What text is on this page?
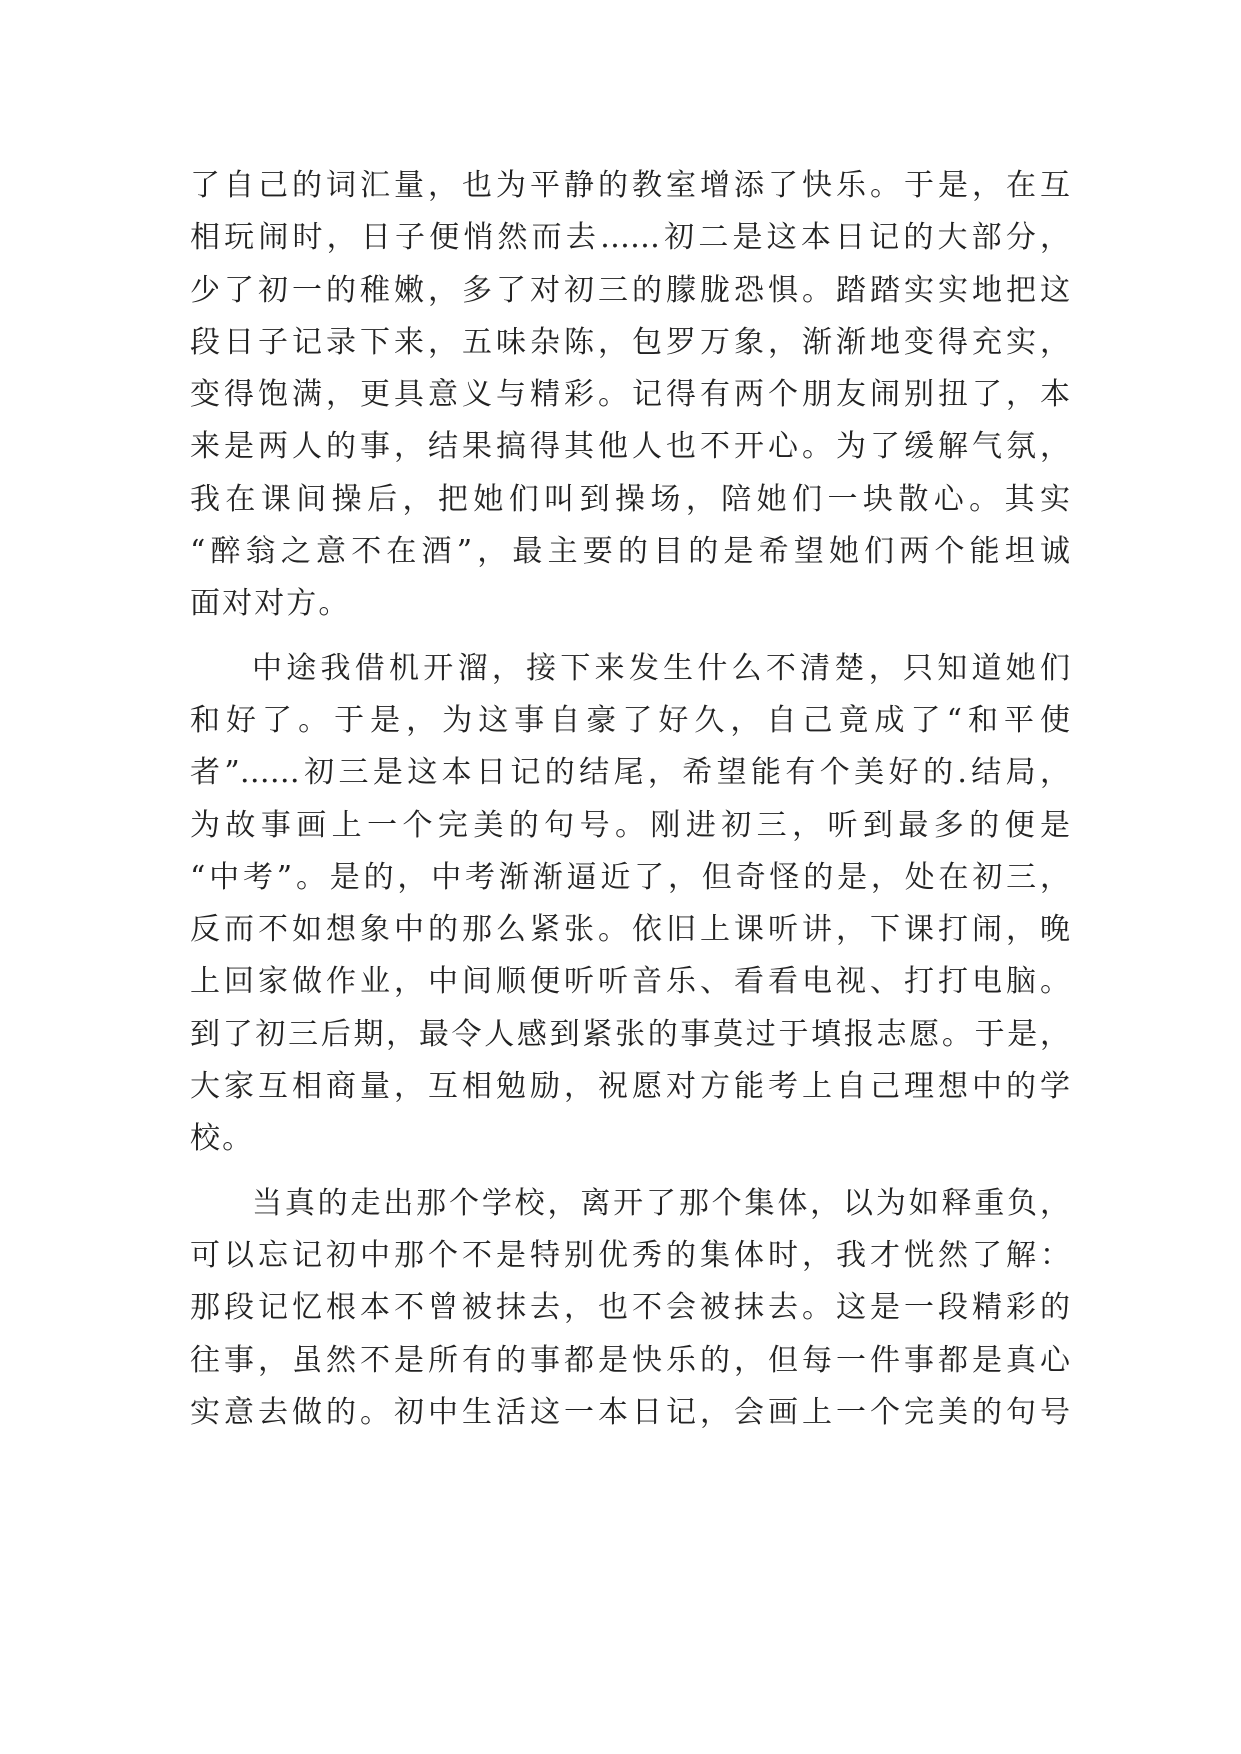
了自己的词汇量，也为平静的教室增添了快乐。于是，在互
相玩闹时，日子便悄然而去……初二是这本日记的大部分，
少了初一的稚嫩，多了对初三的朦胧恐惧。踏踏实实地把这
段日子记录下来，五味杂陈，包罗万象，渐渐地变得充实，
变得饱满，更具意义与精彩。记得有两个朋友闹别扭了，本
来是两人的事，结果搞得其他人也不开心。为了缓解气氛，
我在课间操后，把她们叫到操场，陪她们一块散心。其实
“醉翁之意不在酒”，最主要的目的是希望她们两个能坦诚
面对对方。
中途我借机开溜，接下来发生什么不清楚，只知道她们
和好了。于是，为这事自豪了好久，自己竟成了“和平使
者”……初三是这本日记的结尾，希望能有个美好的.结局，
为故事画上一个完美的句号。刚进初三，听到最多的便是
“中考”。是的，中考渐渐逼近了，但奇怪的是，处在初三，
反而不如想象中的那么紧张。依旧上课听讲，下课打闹，晚
上回家做作业，中间顺便听听音乐、看看电视、打打电脑。
到了初三后期，最令人感到紧张的事莫过于填报志愿。于是，
大家互相商量，互相勉励，祝愿对方能考上自己理想中的学
校。
当真的走出那个学校，离开了那个集体，以为如释重负，
可以忘记初中那个不是特别优秀的集体时，我才恍然了解：
那段记忆根本不曾被抹去，也不会被抹去。这是一段精彩的
往事，虽然不是所有的事都是快乐的，但每一件事都是真心
实意去做的。初中生活这一本日记，会画上一个完美的句号
